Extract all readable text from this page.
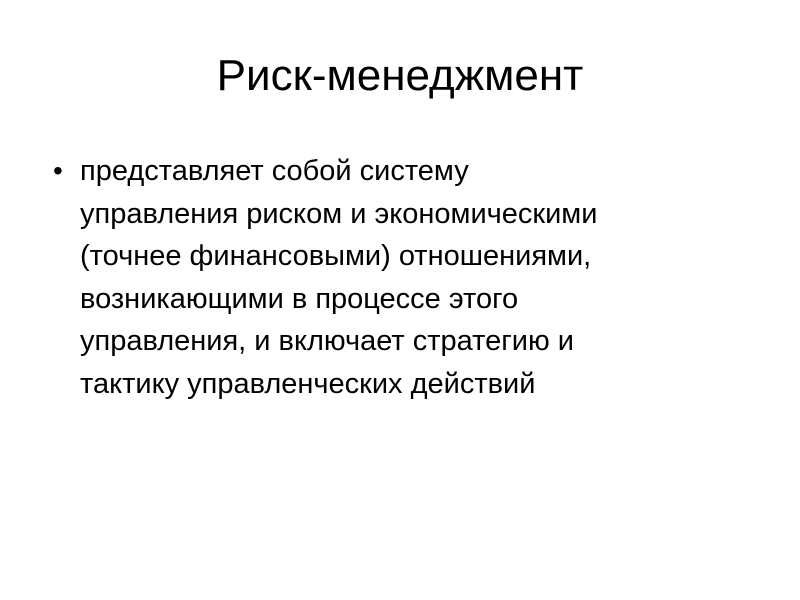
Риск-менеджмент
• представляет собой систему
управления риском и экономическими
(точнее финансовыми) отношениями,
возникающими в процессе этого
управления, и включает стратегию и
тактику управленческих действий
